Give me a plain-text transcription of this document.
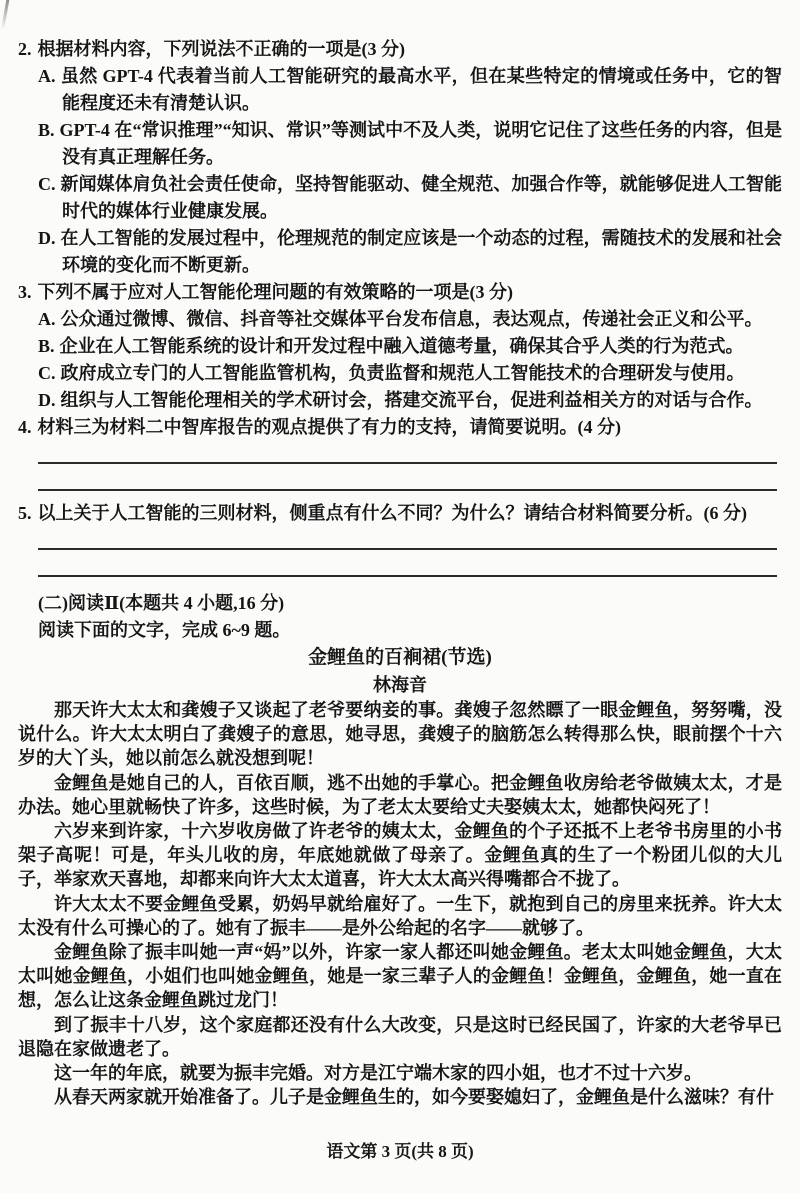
2. 根据材料内容，下列说法不正确的一项是(3 分)
A. 虽然 GPT-4 代表着当前人工智能研究的最高水平，但在某些特定的情境或任务中，它的智能程度还未有清楚认识。
B. GPT-4 在“常识推理”“知识、常识”等测试中不及人类，说明它记住了这些任务的内容，但是没有真正理解任务。
C. 新闻媒体肩负社会责任使命，坚持智能驱动、健全规范、加强合作等，就能够促进人工智能时代的媒体行业健康发展。
D. 在人工智能的发展过程中，伦理规范的制定应该是一个动态的过程，需随技术的发展和社会环境的变化而不断更新。
3. 下列不属于应对人工智能伦理问题的有效策略的一项是(3 分)
A. 公众通过微博、微信、抖音等社交媒体平台发布信息，表达观点，传递社会正义和公平。
B. 企业在人工智能系统的设计和开发过程中融入道德考量，确保其合乎人类的行为范式。
C. 政府成立专门的人工智能监管机构，负责监督和规范人工智能技术的合理研发与使用。
D. 组织与人工智能伦理相关的学术研讨会，搭建交流平台，促进利益相关方的对话与合作。
4. 材料三为材料二中智库报告的观点提供了有力的支持，请简要说明。(4 分)
5. 以上关于人工智能的三则材料，侧重点有什么不同？为什么？请结合材料简要分析。(6 分)
(二)阅读Ⅱ(本题共 4 小题,16 分)
阅读下面的文字，完成 6~9 题。
金鲤鱼的百裥裙(节选)
林海音

那天许大太太和龚嫂子又谈起了老爷要纳妾的事。龚嫂子忽然瞟了一眼金鲤鱼，努努嘴，没说什么。许大太太明白了龚嫂子的意思，她寻思，龚嫂子的脑筋怎么转得那么快，眼前摆个十六岁的大丫头，她以前怎么就没想到呢！

金鲤鱼是她自己的人，百依百顺，逃不出她的手掌心。把金鲤鱼收房给老爷做姨太太，才是办法。她心里就畅快了许多，这些时候，为了老太太要给丈夫娶姨太太，她都快闷死了！

六岁来到许家，十六岁收房做了许老爷的姨太太，金鲤鱼的个子还抵不上老爷书房里的小书架子高呢！可是，年头儿收的房，年底她就做了母亲了。金鲤鱼真的生了一个粉团儿似的大儿子，举家欢天喜地，却都来向许大太太道喜，许大太太高兴得嘴都合不拢了。

许大太太不要金鲤鱼受累，奶妈早就给雇好了。一生下，就抱到自己的房里来抚养。许大太太没有什么可操心的了。她有了振丰——是外公给起的名字——就够了。

金鲤鱼除了振丰叫她一声“妈”以外，许家一家人都还叫她金鲤鱼。老太太叫她金鲤鱼，大太太叫她金鲤鱼，小姐们也叫她金鲤鱼，她是一家三辈子人的金鲤鱼！金鲤鱼，金鲤鱼，她一直在想，怎么让这条金鲤鱼跳过龙门！

到了振丰十八岁，这个家庭都还没有什么大改变，只是这时已经民国了，许家的大老爷早已退隐在家做遗老了。

这一年的年底，就要为振丰完婚。对方是江宁端木家的四小姐，也才不过十六岁。

从春天两家就开始准备了。儿子是金鲤鱼生的，如今要娶媳妇了，金鲤鱼是什么滋味？有什

语文第 3 页(共 8 页)
